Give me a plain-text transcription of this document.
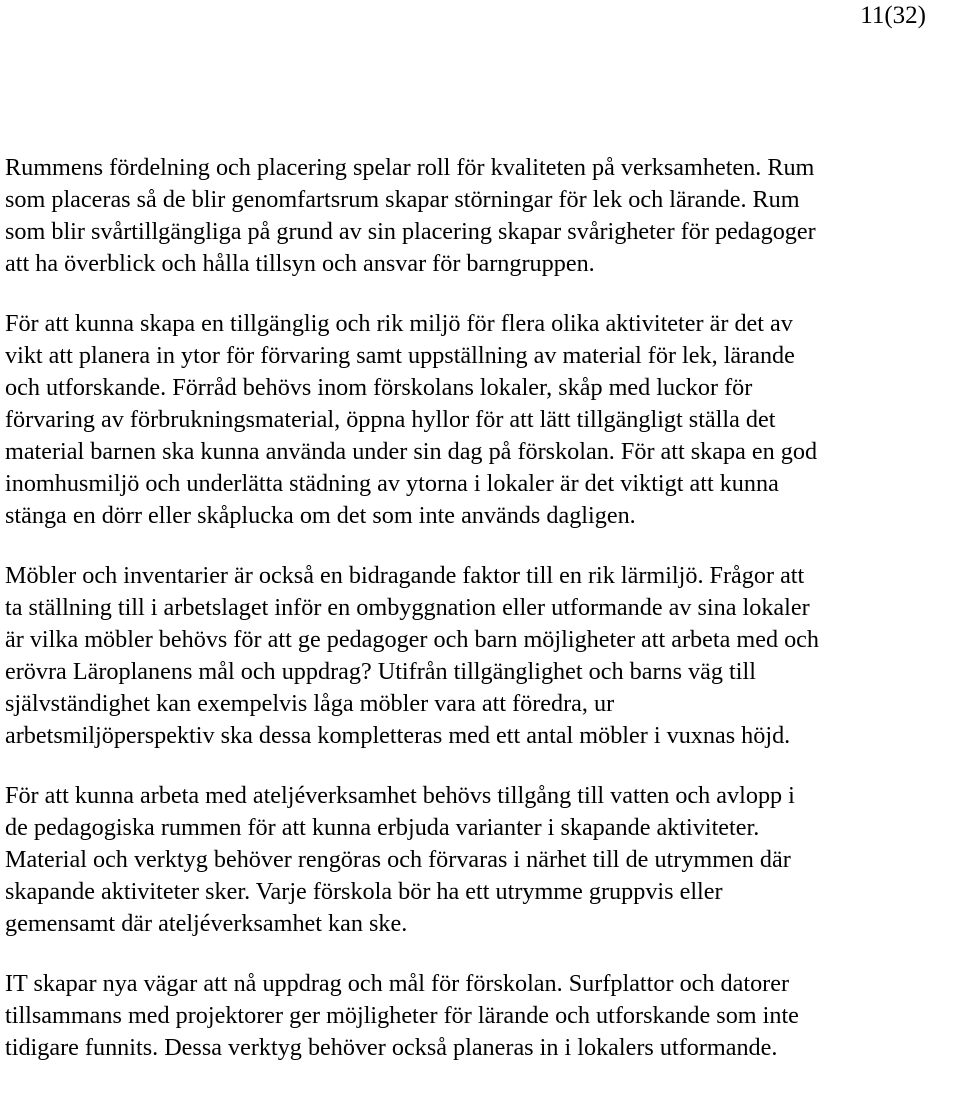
11(32)

Rummens fördelning och placering spelar roll för kvaliteten på verksamheten. Rum
som placeras så de blir genomfartsrum skapar störningar för lek och lärande. Rum
som blir svårtillgängliga på grund av sin placering skapar svårigheter för pedagoger
att ha överblick och hålla tillsyn och ansvar för barngruppen.

För att kunna skapa en tillgänglig och rik miljö för flera olika aktiviteter är det av
vikt att planera in ytor för förvaring samt uppställning av material för lek, lärande
och utforskande. Förråd behövs inom förskolans lokaler, skåp med luckor för
förvaring av förbrukningsmaterial, öppna hyllor för att lätt tillgängligt ställa det
material barnen ska kunna använda under sin dag på förskolan. För att skapa en god
inomhusmiljö och underlätta städning av ytorna i lokaler är det viktigt att kunna
stänga en dörr eller skåplucka om det som inte används dagligen.

Möbler och inventarier är också en bidragande faktor till en rik lärmiljö. Frågor att
ta ställning till i arbetslaget inför en ombyggnation eller utformande av sina lokaler
är vilka möbler behövs för att ge pedagoger och barn möjligheter att arbeta med och
erövra Läroplanens mål och uppdrag? Utifrån tillgänglighet och barns väg till
självständighet kan exempelvis låga möbler vara att föredra, ur
arbetsmiljöperspektiv ska dessa kompletteras med ett antal möbler i vuxnas höjd.

För att kunna arbeta med ateljéverksamhet behövs tillgång till vatten och avlopp i
de pedagogiska rummen för att kunna erbjuda varianter i skapande aktiviteter.
Material och verktyg behöver rengöras och förvaras i närhet till de utrymmen där
skapande aktiviteter sker. Varje förskola bör ha ett utrymme gruppvis eller
gemensamt där ateljéverksamhet kan ske.

IT skapar nya vägar att nå uppdrag och mål för förskolan. Surfplattor och datorer
tillsammans med projektorer ger möjligheter för lärande och utforskande som inte
tidigare funnits. Dessa verktyg behöver också planeras in i lokalers utformande.
